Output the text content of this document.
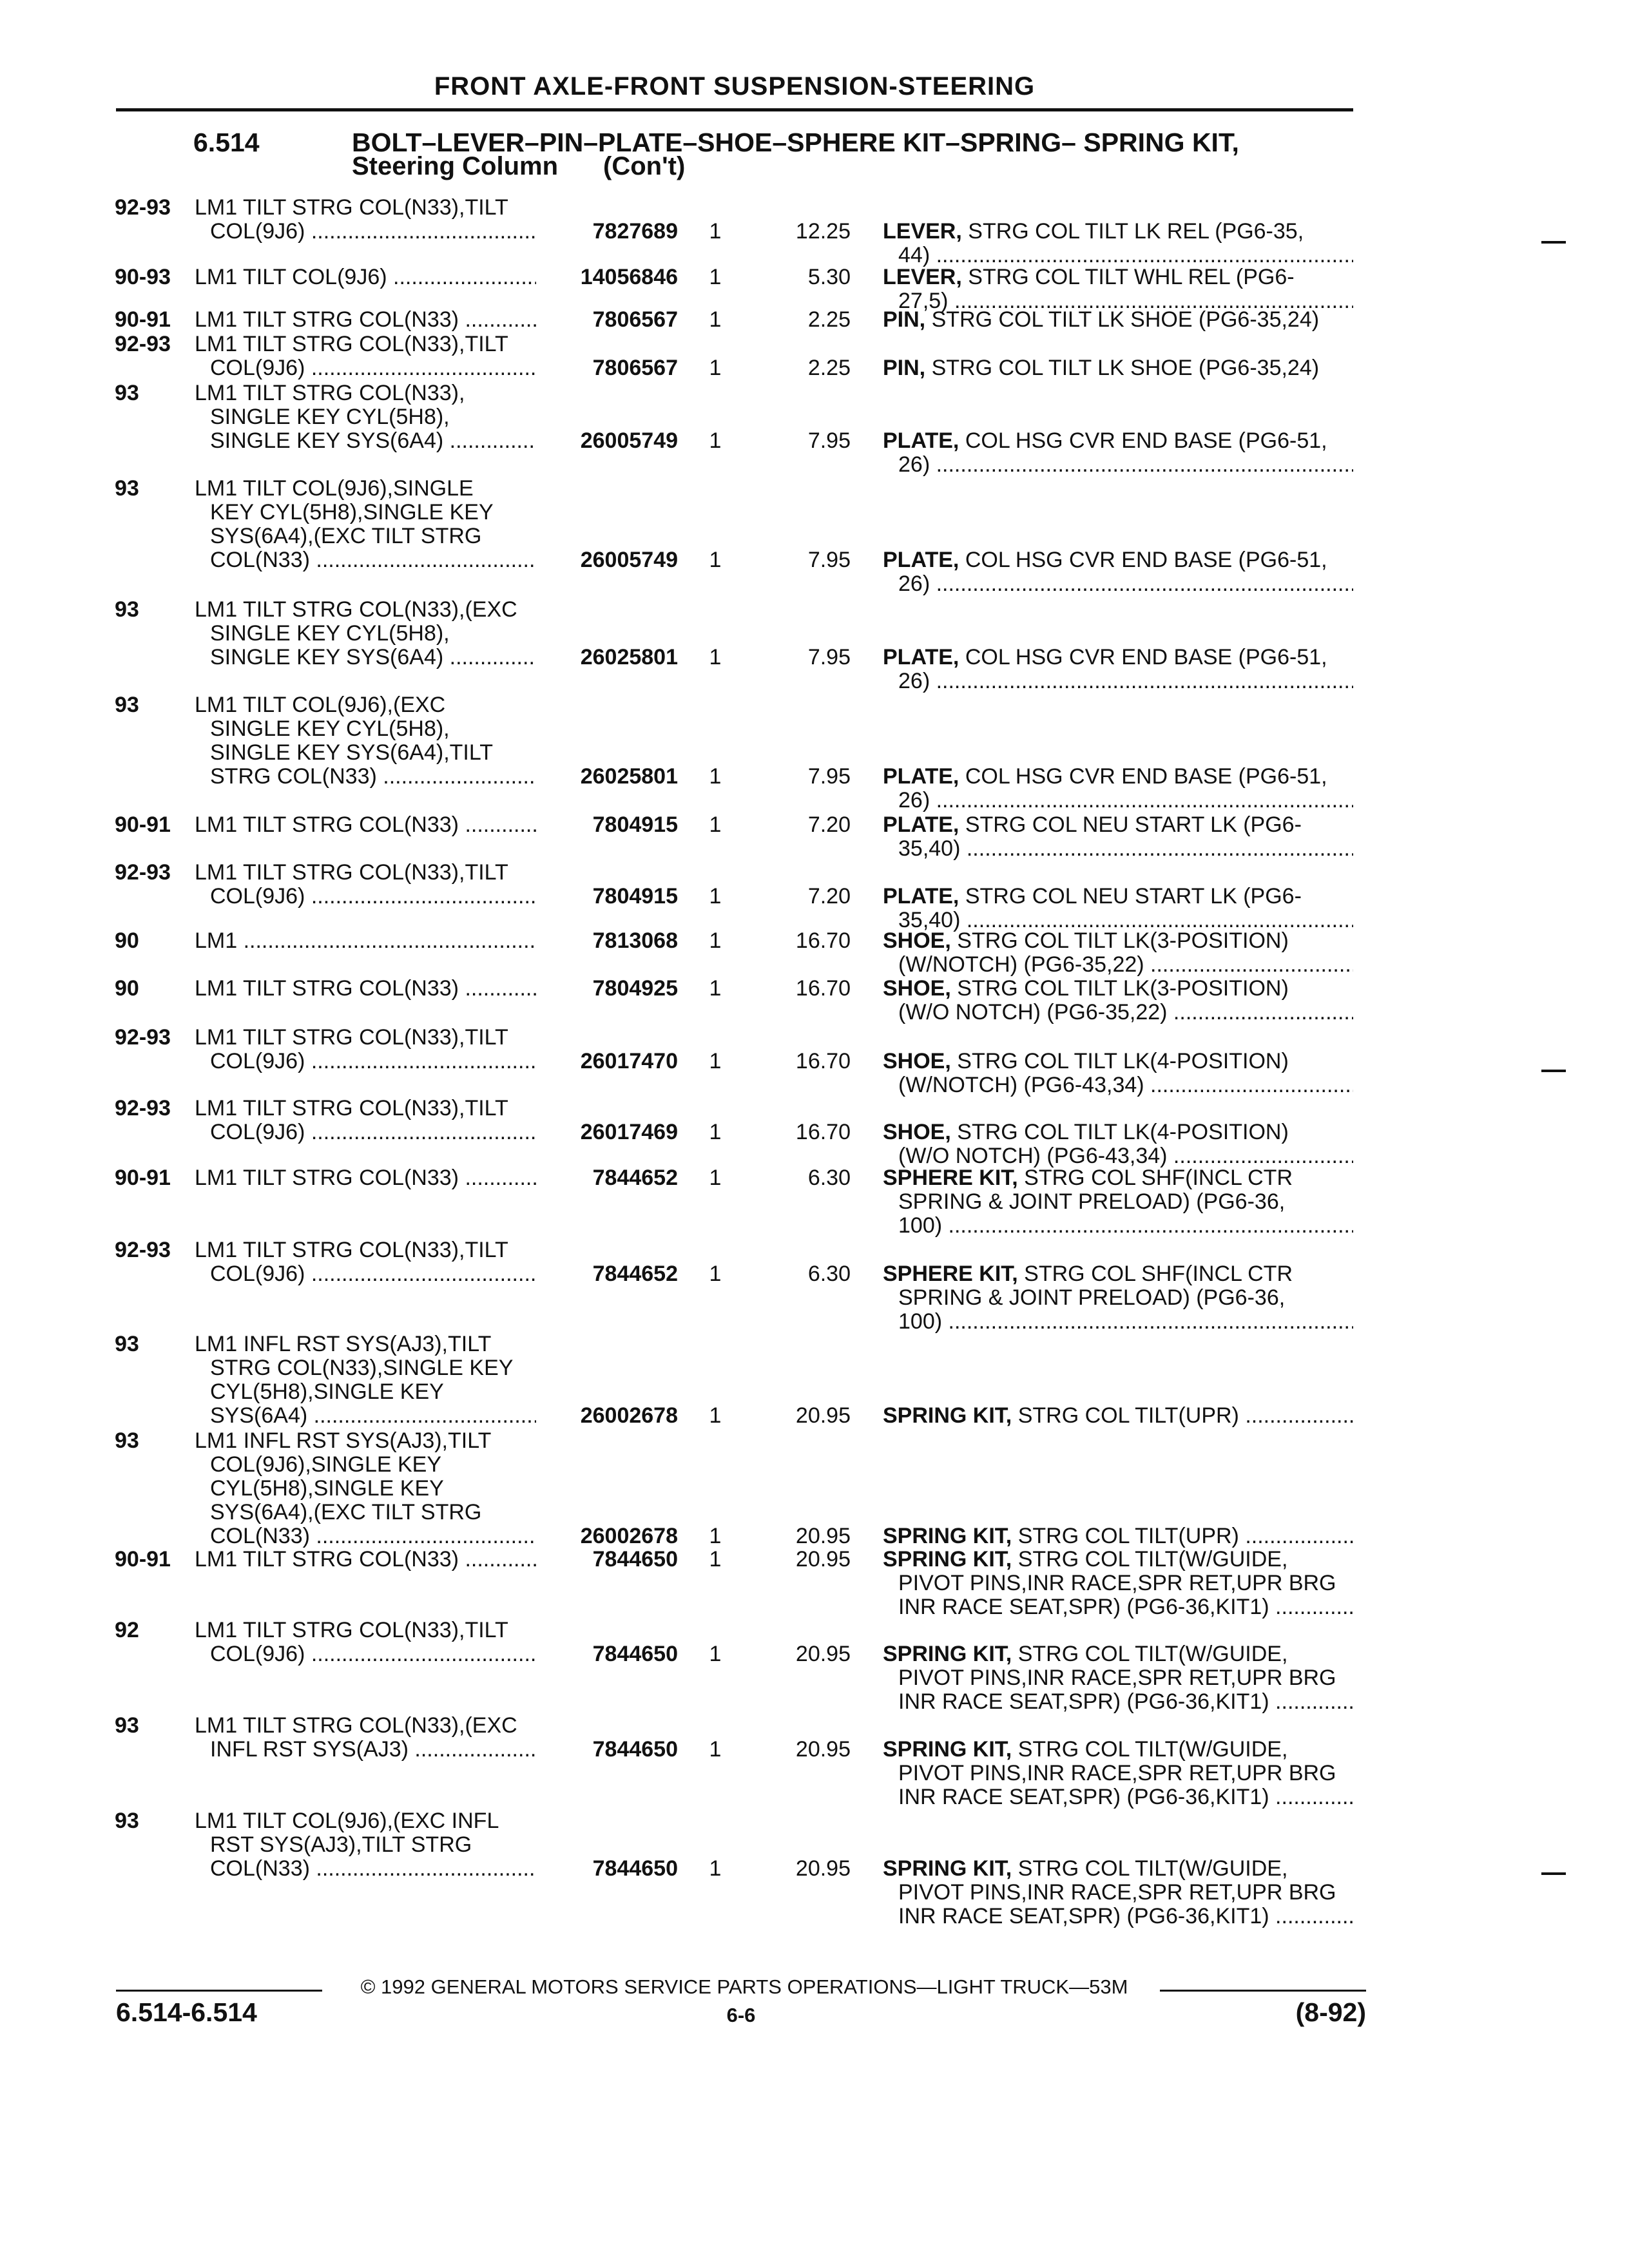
FRONT AXLE-FRONT SUSPENSION-STEERING
6.514	BOLT–LEVER–PIN–PLATE–SHOE–SPHERE KIT–SPRING– SPRING KIT,
Steering Column (Con't)
92-93 LM1 TILT STRG COL(N33),TILT
COL(9J6) .....	7827689	1	12.25 LEVER, STRG COL TILT LK REL (PG6-35,
44) .....
90-93 LM1 TILT COL(9J6) .....	14056846	1	5.30 LEVER, STRG COL TILT WHL REL (PG6-
27,5) .....
90-91 LM1 TILT STRG COL(N33) .....	7806567	1	2.25 PIN, STRG COL TILT LK SHOE (PG6-35,24)
92-93 LM1 TILT STRG COL(N33),TILT
COL(9J6) .....	7806567	1	2.25 PIN, STRG COL TILT LK SHOE (PG6-35,24)
93	LM1 TILT STRG COL(N33),
SINGLE KEY CYL(5H8),
SINGLE KEY SYS(6A4) .....	26005749	1	7.95 PLATE, COL HSG CVR END BASE (PG6-51,
26) .....
93	LM1 TILT COL(9J6),SINGLE
KEY CYL(5H8),SINGLE KEY
SYS(6A4),(EXC TILT STRG
COL(N33) .....	26005749	1	7.95 PLATE, COL HSG CVR END BASE (PG6-51,
26) .....
93	LM1 TILT STRG COL(N33),(EXC
SINGLE KEY CYL(5H8),
SINGLE KEY SYS(6A4) .....	26025801	1	7.95 PLATE, COL HSG CVR END BASE (PG6-51,
26) .....
93	LM1 TILT COL(9J6),(EXC
SINGLE KEY CYL(5H8),
SINGLE KEY SYS(6A4),TILT
STRG COL(N33) .....	26025801	1	7.95 PLATE, COL HSG CVR END BASE (PG6-51,
26) .....
90-91 LM1 TILT STRG COL(N33) .....	7804915	1	7.20 PLATE, STRG COL NEU START LK (PG6-
35,40) .....
92-93 LM1 TILT STRG COL(N33),TILT
COL(9J6) .....	7804915	1	7.20 PLATE, STRG COL NEU START LK (PG6-
35,40) .....
90	LM1 .....	7813068	1	16.70 SHOE, STRG COL TILT LK(3-POSITION)
(W/NOTCH) (PG6-35,22) .....
90	LM1 TILT STRG COL(N33) .....	7804925	1	16.70 SHOE, STRG COL TILT LK(3-POSITION)
(W/O NOTCH) (PG6-35,22) .....
92-93 LM1 TILT STRG COL(N33),TILT
COL(9J6) .....	26017470	1	16.70 SHOE, STRG COL TILT LK(4-POSITION)
(W/NOTCH) (PG6-43,34) .....
92-93 LM1 TILT STRG COL(N33),TILT
COL(9J6) .....	26017469	1	16.70 SHOE, STRG COL TILT LK(4-POSITION)
(W/O NOTCH) (PG6-43,34) .....
90-91 LM1 TILT STRG COL(N33) .....	7844652	1	6.30 SPHERE KIT, STRG COL SHF(INCL CTR
SPRING & JOINT PRELOAD) (PG6-36,
100) .....
92-93 LM1 TILT STRG COL(N33),TILT
COL(9J6) .....	7844652	1	6.30 SPHERE KIT, STRG COL SHF(INCL CTR
SPRING & JOINT PRELOAD) (PG6-36,
100) .....
93	LM1 INFL RST SYS(AJ3),TILT
STRG COL(N33),SINGLE KEY
CYL(5H8),SINGLE KEY
SYS(6A4) .....	26002678	1	20.95 SPRING KIT, STRG COL TILT(UPR) .....
93	LM1 INFL RST SYS(AJ3),TILT
COL(9J6),SINGLE KEY
CYL(5H8),SINGLE KEY
SYS(6A4),(EXC TILT STRG
COL(N33) .....	26002678	1	20.95 SPRING KIT, STRG COL TILT(UPR) .....
90-91 LM1 TILT STRG COL(N33) .....	7844650	1	20.95 SPRING KIT, STRG COL TILT(W/GUIDE,
PIVOT PINS,INR RACE,SPR RET,UPR BRG
INR RACE SEAT,SPR) (PG6-36,KIT1) .....
92	LM1 TILT STRG COL(N33),TILT
COL(9J6) .....	7844650	1	20.95 SPRING KIT, STRG COL TILT(W/GUIDE,
PIVOT PINS,INR RACE,SPR RET,UPR BRG
INR RACE SEAT,SPR) (PG6-36,KIT1) .....
93	LM1 TILT STRG COL(N33),(EXC
INFL RST SYS(AJ3) .....	7844650	1	20.95 SPRING KIT, STRG COL TILT(W/GUIDE,
PIVOT PINS,INR RACE,SPR RET,UPR BRG
INR RACE SEAT,SPR) (PG6-36,KIT1) .....
93	LM1 TILT COL(9J6),(EXC INFL
RST SYS(AJ3),TILT STRG
COL(N33) .....	7844650	1	20.95 SPRING KIT, STRG COL TILT(W/GUIDE,
PIVOT PINS,INR RACE,SPR RET,UPR BRG
INR RACE SEAT,SPR) (PG6-36,KIT1) .....
© 1992 GENERAL MOTORS SERVICE PARTS OPERATIONS—LIGHT TRUCK—53M
6.514-6.514	6-6	(8-92)
